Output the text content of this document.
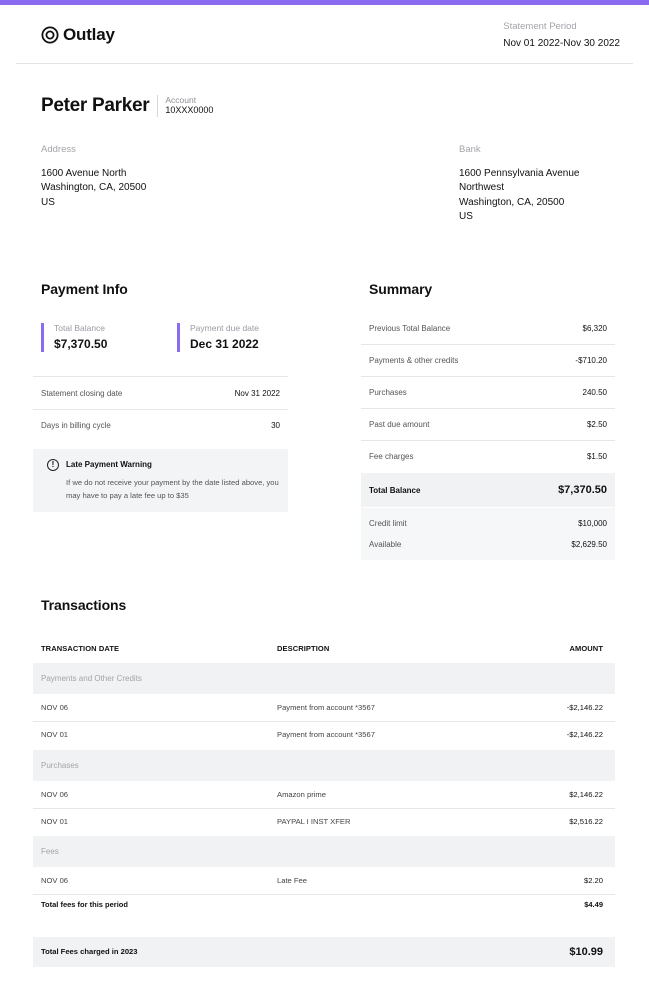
Outlay	Statement Period
Nov 01 2022-Nov 30 2022
Peter Parker Account
10XXX0000
Address
1600 Avenue North
Washington, CA, 20500
US
Bank
1600 Pennsylvania Avenue
Northwest
Washington, CA, 20500
US
Payment Info
Total Balance
$7,370.50
Payment due date
Dec 31 2022
Statement closing date	Nov 31 2022
Days in billing cycle	30
!	Late Payment Warning
If we do not receive your payment by the date listed above, you may have to pay a late fee up to $35
Summary
Previous Total Balance	$6,320
Payments & other credits	-$710.20
Purchases	240.50
Past due amount	$2.50
Fee charges	$1.50
Total Balance	$7,370.50
Credit limit	$10,000
Available	$2,629.50
Transactions
TRANSACTION DATE	DESCRIPTION	AMOUNT
Payments and Other Credits
NOV 06	Payment from account *3567	-$2,146.22
NOV 01	Payment from account *3567	-$2,146.22
Purchases
NOV 06	Amazon prime	$2,146.22
NOV 01	PAYPAL I INST XFER	$2,516.22
Fees
NOV 06	Late Fee	$2.20
Total fees for this period	$4.49
Total Fees charged in 2023	$10.99
